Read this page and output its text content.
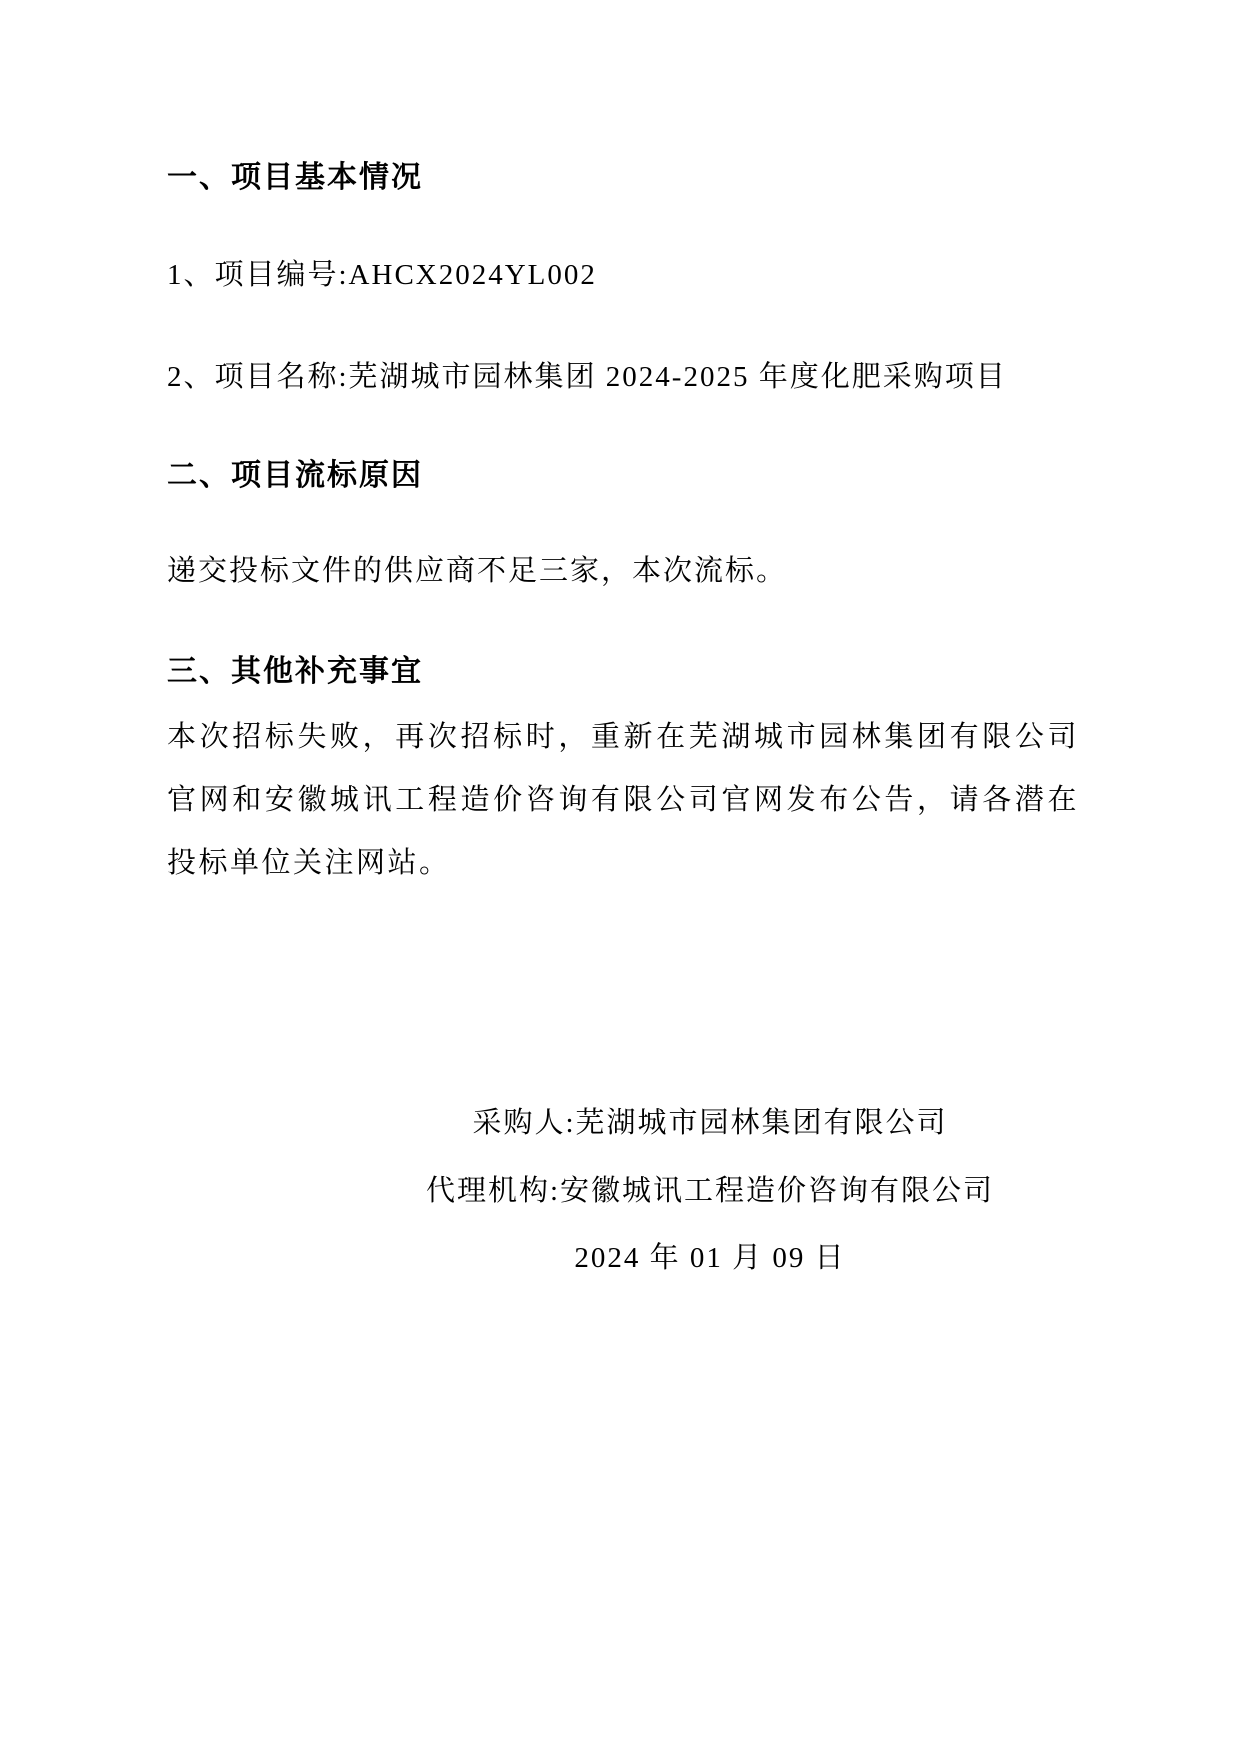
一、项目基本情况
1、项目编号:AHCX2024YL002
2、项目名称:芜湖城市园林集团 2024-2025 年度化肥采购项目
二、项目流标原因
递交投标文件的供应商不足三家，本次流标。
三、其他补充事宜
本次招标失败，再次招标时，重新在芜湖城市园林集团有限公司官网和安徽城讯工程造价咨询有限公司官网发布公告，请各潜在投标单位关注网站。
采购人:芜湖城市园林集团有限公司
代理机构:安徽城讯工程造价咨询有限公司
2024 年 01 月 09 日
